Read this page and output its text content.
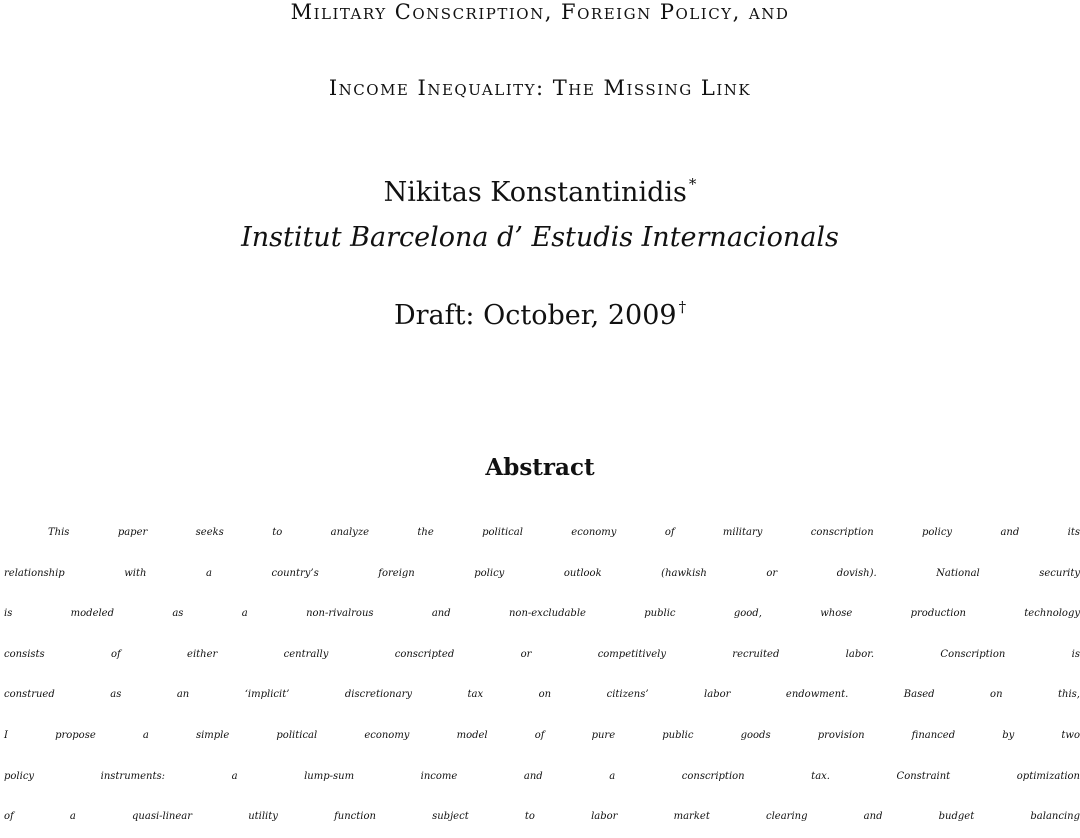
Military Conscription, Foreign Policy, and
Income Inequality: The Missing Link
Nikitas Konstantinidis *
Institut Barcelona d’ Estudis Internacionals
Draft: October, 2009 †
Abstract
This paper seeks to analyze the political economy of military conscription policy and its
relationship with a country’s foreign policy outlook (hawkish or dovish). National security
is modeled as a non-rivalrous and non-excludable public good, whose production technology
consists of either centrally conscripted or competitively recruited labor. Conscription is
construed as an ‘implicit’ discretionary tax on citizens’ labor endowment. Based on this,
I propose a simple political economy model of pure public goods provision financed by two
policy instruments: a lump-sum income and a conscription tax. Constraint optimization
of a quasi-linear utility function subject to labor market clearing and budget balancing
